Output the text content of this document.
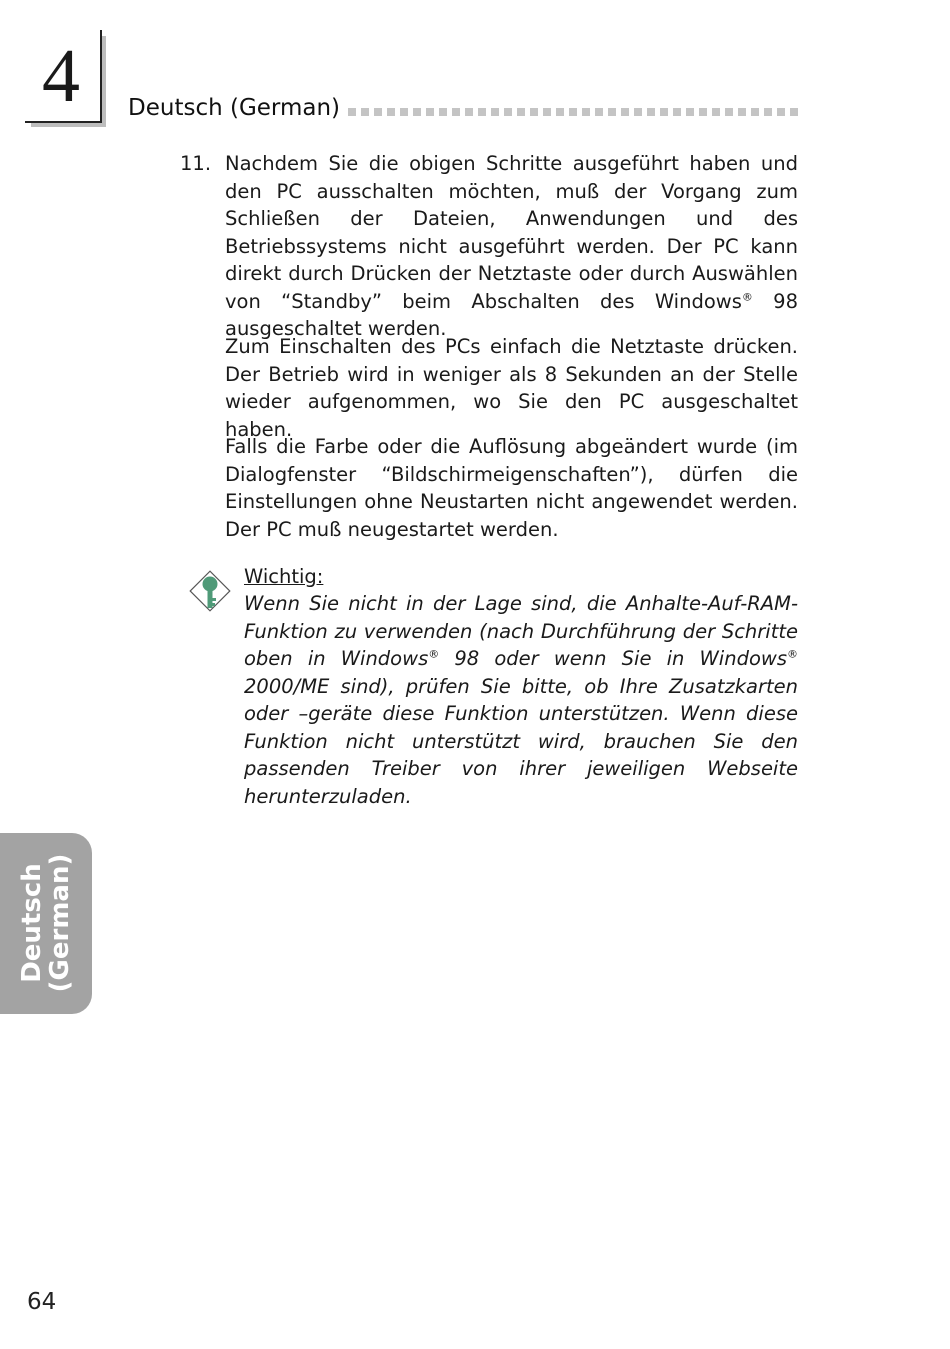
4	Deutsch (German)
11. Nachdem Sie die obigen Schritte ausgeführt haben und den PC ausschalten möchten, muß der Vorgang zum Schließen der Dateien, Anwendungen und des Betriebssystems nicht ausgeführt werden. Der PC kann direkt durch Drücken der Netztaste oder durch Auswählen von “Standby” beim Abschalten des Windows® 98 ausgeschaltet werden.

Zum Einschalten des PCs einfach die Netztaste drücken. Der Betrieb wird in weniger als 8 Sekunden an der Stelle wieder aufgenommen, wo Sie den PC ausgeschaltet haben.

Falls die Farbe oder die Auflösung abgeändert wurde (im Dialogfenster “Bildschirmeigenschaften”), dürfen die Einstellungen ohne Neustarten nicht angewendet werden. Der PC muß neugestartet werden.

Wichtig:

Wenn Sie nicht in der Lage sind, die Anhalte-Auf-RAM-Funktion zu verwenden (nach Durchführung der Schritte oben in Windows® 98 oder wenn Sie in Windows® 2000/ME sind), prüfen Sie bitte, ob Ihre Zusatzkarten oder –geräte diese Funktion unterstützen. Wenn diese Funktion nicht unterstützt wird, brauchen Sie den passenden Treiber von ihrer jeweiligen Webseite herunterzuladen.

Deutsch
(German)
64
